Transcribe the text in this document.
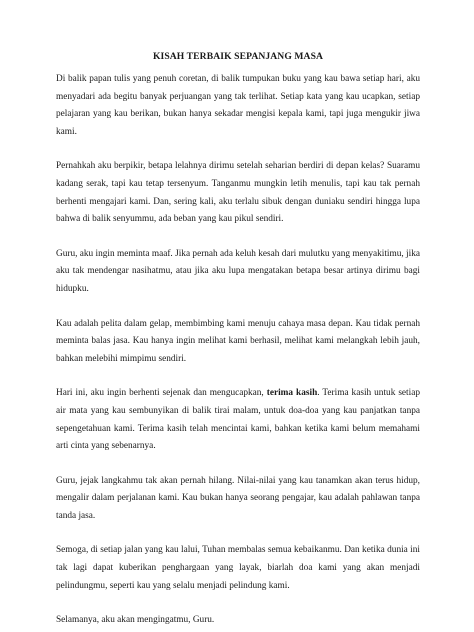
KISAH TERBAIK SEPANJANG MASA

Di balik papan tulis yang penuh coretan, di balik tumpukan buku yang kau bawa setiap hari, aku menyadari ada begitu banyak perjuangan yang tak terlihat. Setiap kata yang kau ucapkan, setiap pelajaran yang kau berikan, bukan hanya sekadar mengisi kepala kami, tapi juga mengukir jiwa kami.

Pernahkah aku berpikir, betapa lelahnya dirimu setelah seharian berdiri di depan kelas? Suaramu kadang serak, tapi kau tetap tersenyum. Tanganmu mungkin letih menulis, tapi kau tak pernah berhenti mengajari kami. Dan, sering kali, aku terlalu sibuk dengan duniaku sendiri hingga lupa bahwa di balik senyummu, ada beban yang kau pikul sendiri.

Guru, aku ingin meminta maaf. Jika pernah ada keluh kesah dari mulutku yang menyakitimu, jika aku tak mendengar nasihatmu, atau jika aku lupa mengatakan betapa besar artinya dirimu bagi hidupku.

Kau adalah pelita dalam gelap, membimbing kami menuju cahaya masa depan. Kau tidak pernah meminta balas jasa. Kau hanya ingin melihat kami berhasil, melihat kami melangkah lebih jauh, bahkan melebihi mimpimu sendiri.

Hari ini, aku ingin berhenti sejenak dan mengucapkan, terima kasih. Terima kasih untuk setiap air mata yang kau sembunyikan di balik tirai malam, untuk doa-doa yang kau panjatkan tanpa sepengetahuan kami. Terima kasih telah mencintai kami, bahkan ketika kami belum memahami arti cinta yang sebenarnya.

Guru, jejak langkahmu tak akan pernah hilang. Nilai-nilai yang kau tanamkan akan terus hidup, mengalir dalam perjalanan kami. Kau bukan hanya seorang pengajar, kau adalah pahlawan tanpa tanda jasa.

Semoga, di setiap jalan yang kau lalui, Tuhan membalas semua kebaikanmu. Dan ketika dunia ini tak lagi dapat kuberikan penghargaan yang layak, biarlah doa kami yang akan menjadi pelindungmu, seperti kau yang selalu menjadi pelindung kami.

Selamanya, aku akan mengingatmu, Guru.
